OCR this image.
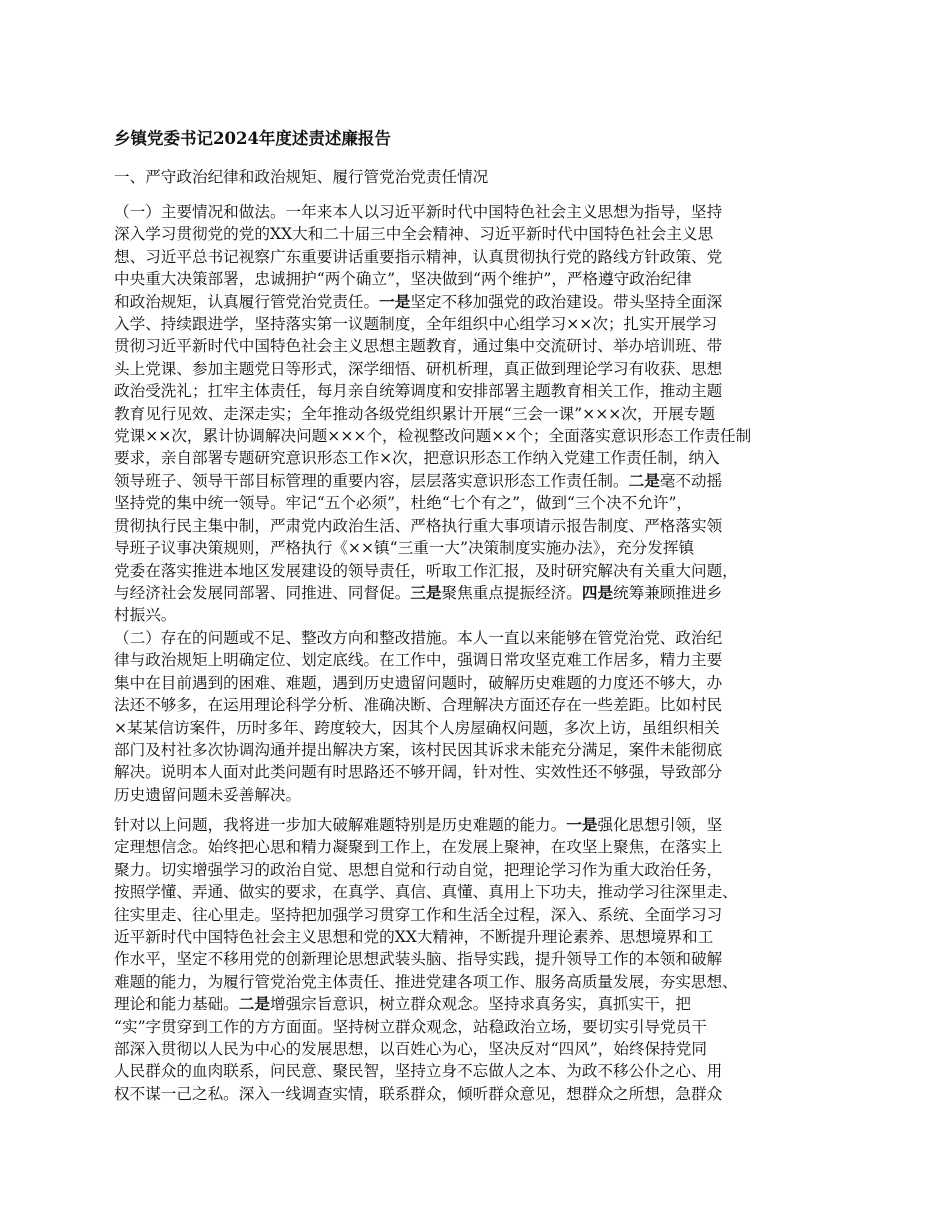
乡镇党委书记2024年度述责述廉报告
一、严守政治纪律和政治规矩、履行管党治党责任情况
（一）主要情况和做法。一年来本人以习近平新时代中国特色社会主义思想为指导，坚持
深入学习贯彻党的党的XX大和二十届三中全会精神、习近平新时代中国特色社会主义思
想、习近平总书记视察广东重要讲话重要指示精神，认真贯彻执行党的路线方针政策、党
中央重大决策部署，忠诚拥护“两个确立”，坚决做到“两个维护”，严格遵守政治纪律
和政治规矩，认真履行管党治党责任。一是坚定不移加强党的政治建设。带头坚持全面深
入学、持续跟进学，坚持落实第一议题制度，全年组织中心组学习××次；扎实开展学习
贯彻习近平新时代中国特色社会主义思想主题教育，通过集中交流研讨、举办培训班、带
头上党课、参加主题党日等形式，深学细悟、研机析理，真正做到理论学习有收获、思想
政治受洗礼；扛牢主体责任，每月亲自统筹调度和安排部署主题教育相关工作，推动主题
教育见行见效、走深走实；全年推动各级党组织累计开展“三会一课”×××次，开展专题
党课××次，累计协调解决问题×××个，检视整改问题××个；全面落实意识形态工作责任制
要求，亲自部署专题研究意识形态工作×次，把意识形态工作纳入党建工作责任制，纳入
领导班子、领导干部目标管理的重要内容，层层落实意识形态工作责任制。二是毫不动摇
坚持党的集中统一领导。牢记“五个必须”，杜绝“七个有之”，做到“三个决不允许”，
贯彻执行民主集中制，严肃党内政治生活、严格执行重大事项请示报告制度、严格落实领
导班子议事决策规则，严格执行《××镇“三重一大”决策制度实施办法》，充分发挥镇
党委在落实推进本地区发展建设的领导责任，听取工作汇报，及时研究解决有关重大问题，
与经济社会发展同部署、同推进、同督促。三是聚焦重点提振经济。四是统筹兼顾推进乡
村振兴。
（二）存在的问题或不足、整改方向和整改措施。本人一直以来能够在管党治党、政治纪
律与政治规矩上明确定位、划定底线。在工作中，强调日常攻坚克难工作居多，精力主要
集中在目前遇到的困难、难题，遇到历史遗留问题时，破解历史难题的力度还不够大，办
法还不够多，在运用理论科学分析、准确决断、合理解决方面还存在一些差距。比如村民
×某某信访案件，历时多年、跨度较大，因其个人房屋确权问题，多次上访，虽组织相关
部门及村社多次协调沟通并提出解决方案，该村民因其诉求未能充分满足，案件未能彻底
解决。说明本人面对此类问题有时思路还不够开阔，针对性、实效性还不够强，导致部分
历史遗留问题未妥善解决。
针对以上问题，我将进一步加大破解难题特别是历史难题的能力。一是强化思想引领，坚
定理想信念。始终把心思和精力凝聚到工作上，在发展上聚神，在攻坚上聚焦，在落实上
聚力。切实增强学习的政治自觉、思想自觉和行动自觉，把理论学习作为重大政治任务，
按照学懂、弄通、做实的要求，在真学、真信、真懂、真用上下功夫，推动学习往深里走、
往实里走、往心里走。坚持把加强学习贯穿工作和生活全过程，深入、系统、全面学习习
近平新时代中国特色社会主义思想和党的XX大精神，不断提升理论素养、思想境界和工
作水平，坚定不移用党的创新理论思想武装头脑、指导实践，提升领导工作的本领和破解
难题的能力，为履行管党治党主体责任、推进党建各项工作、服务高质量发展，夯实思想、
理论和能力基础。二是增强宗旨意识，树立群众观念。坚持求真务实，真抓实干，把
“实”字贯穿到工作的方方面面。坚持树立群众观念，站稳政治立场，要切实引导党员干
部深入贯彻以人民为中心的发展思想，以百姓心为心，坚决反对“四风”，始终保持党同
人民群众的血肉联系，问民意、聚民智，坚持立身不忘做人之本、为政不移公仆之心、用
权不谋一己之私。深入一线调查实情，联系群众，倾听群众意见，想群众之所想，急群众
